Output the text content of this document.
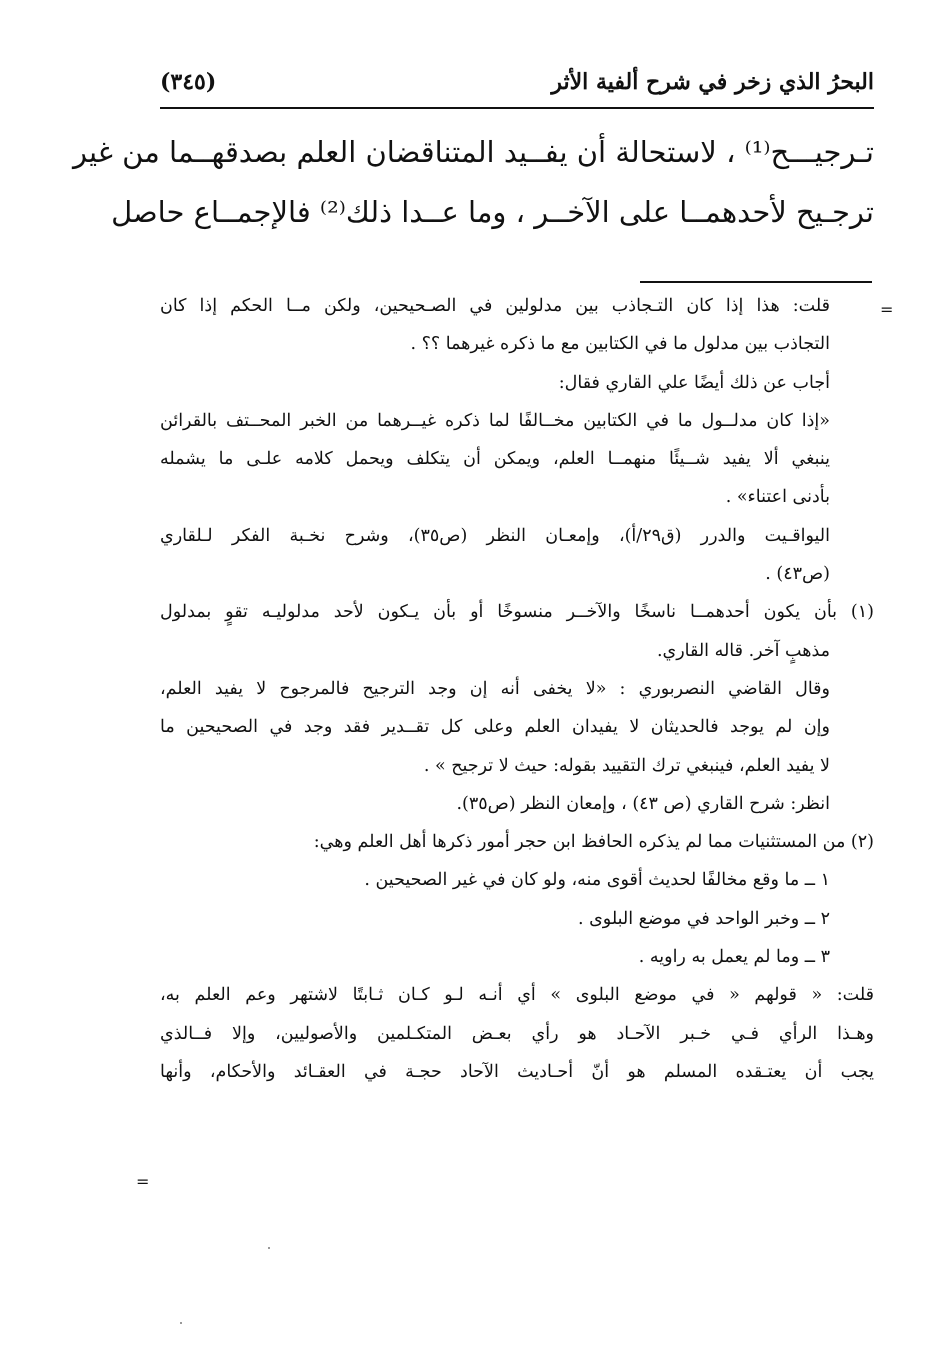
البحرُ الذي زخر في شرح ألفية الأثر
(٣٤٥)
تـرجيـــح⁽¹⁾ ، لاستحالة أن يفــيد المتناقضان العلم بصدقهــما من غير
ترجـيح لأحدهمــا على الآخــر ، وما عــدا ذلك⁽²⁾ فالإجمــاع حاصل
=
قلت: هذا إذا كان التـجاذب بين مدلولين في الصـحيحين، ولكن مــا الحكم إذا كان
التجاذب بين مدلول ما في الكتابين مع ما ذكره غيرهما ؟؟ .
أجاب عن ذلك أيضًا علي القاري فقال:
«إذا كان مدلــول ما في الكتابين مخــالفًا لما ذكره غيــرهما من الخبر المحــتف بالقرائن
ينبغي ألا يفيد شــيئًا منهمــا العلم، ويمكن أن يتكلف ويحمل كلامه علـى ما يشمله
بأدنى اعتناء» .
اليواقـيت والدرر (ق٢٩/أ)، وإمعـان النظر (ص٣٥)، وشرح نخـبة الفكر لـلقاري
(ص٤٣) .
(١) بأن يكون أحدهمــا ناسخًا والآخــر منسوخًا أو بأن يـكون لأحد مدلوليـه تقوٍ بمدلول
مذهبٍ آخر. قاله القاري.
وقال القاضي النصربوري : «لا يخفى أنه إن وجد الترجيح فالمرجوح لا يفيد العلم،
وإن لم يوجد فالحديثان لا يفيدان العلم وعلى كل تقــدير فقد وجد في الصحيحين ما
لا يفيد العلم، فينبغي ترك التقييد بقوله: حيث لا ترجيح » .
انظر: شرح القاري (ص ٤٣) ، وإمعان النظر (ص٣٥).
(٢) من المستثنيات مما لم يذكره الحافظ ابن حجر أمور ذكرها أهل العلم وهي:
١ ــ ما وقع مخالفًا لحديث أقوى منه، ولو كان في غير الصحيحين .
٢ ــ وخبر الواحد في موضع البلوى .
٣ ــ وما لم يعمل به راويه .
قلت: « قولهم « في موضع البلوى » أي أنـه لـو كـان ثـابتًا لاشتهر وعم العلم به،
وهـذا الرأي فـي خـبر الآحـاد هو رأي بعـض المتكـلمين والأصوليين، وإلا فــالذي
يجب أن يعتـقده المسلم هو أنّ أحـاديث الآحاد حجـة في العقـائد والأحكام، وأنها
=
